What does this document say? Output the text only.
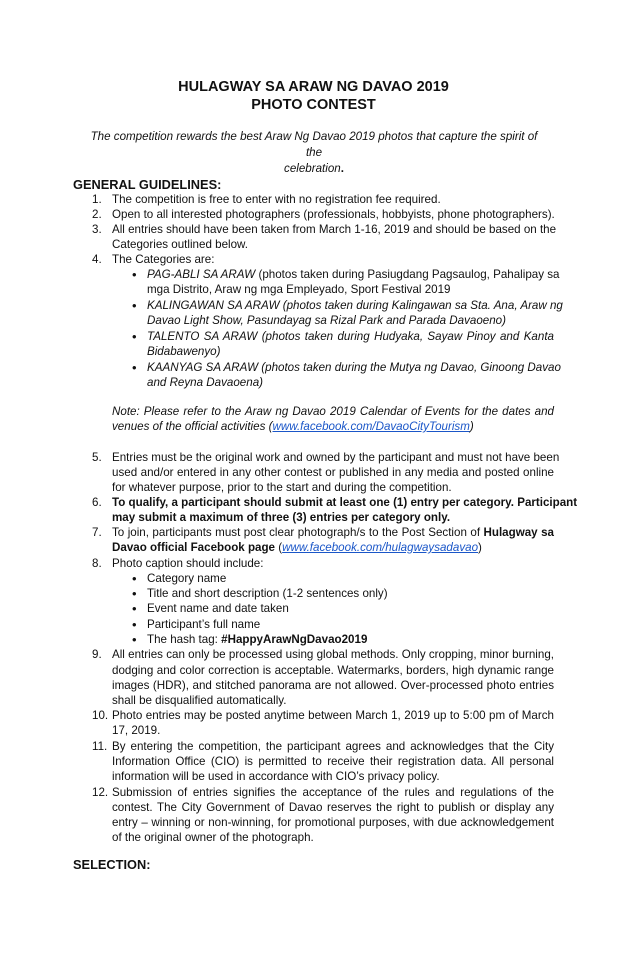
HULAGWAY SA ARAW NG DAVAO 2019
PHOTO CONTEST
The competition rewards the best Araw Ng Davao 2019 photos that capture the spirit of the
celebration.
GENERAL GUIDELINES:
1. The competition is free to enter with no registration fee required.
2. Open to all interested photographers (professionals, hobbyists, phone photographers).
3. All entries should have been taken from March 1-16, 2019 and should be based on the
Categories outlined below.
4. The Categories are:
• PAG-ABLI SA ARAW (photos taken during Pasiugdang Pagsaulog, Pahalipay sa
mga Distrito, Araw ng mga Empleyado, Sport Festival 2019
• KALINGAWAN SA ARAW (photos taken during Kalingawan sa Sta. Ana, Araw ng
Davao Light Show, Pasundayag sa Rizal Park and Parada Davaoeno)
• TALENTO SA ARAW (photos taken during Hudyaka, Sayaw Pinoy and Kanta
Bidabawenyo)
• KAANYAG SA ARAW (photos taken during the Mutya ng Davao, Ginoong Davao
and Reyna Davaoena)
Note: Please refer to the Araw ng Davao 2019 Calendar of Events for the dates and
venues of the official activities (www.facebook.com/DavaoCityTourism)
5. Entries must be the original work and owned by the participant and must not have been
used and/or entered in any other contest or published in any media and posted online
for whatever purpose, prior to the start and during the competition.
6. To qualify, a participant should submit at least one (1) entry per category. Participant
may submit a maximum of three (3) entries per category only.
7. To join, participants must post clear photograph/s to the Post Section of Hulagway sa
Davao official Facebook page (www.facebook.com/hulagwaysadavao)
8. Photo caption should include:
• Category name
• Title and short description (1-2 sentences only)
• Event name and date taken
• Participant’s full name
• The hash tag: #HappyArawNgDavao2019
9. All entries can only be processed using global methods. Only cropping, minor burning,
dodging and color correction is acceptable. Watermarks, borders, high dynamic range
images (HDR), and stitched panorama are not allowed. Over-processed photo entries
shall be disqualified automatically.
10. Photo entries may be posted anytime between March 1, 2019 up to 5:00 pm of March
17, 2019.
11. By entering the competition, the participant agrees and acknowledges that the City
Information Office (CIO) is permitted to receive their registration data. All personal
information will be used in accordance with CIO’s privacy policy.
12. Submission of entries signifies the acceptance of the rules and regulations of the
contest. The City Government of Davao reserves the right to publish or display any
entry – winning or non-winning, for promotional purposes, with due acknowledgement
of the original owner of the photograph.
SELECTION:
